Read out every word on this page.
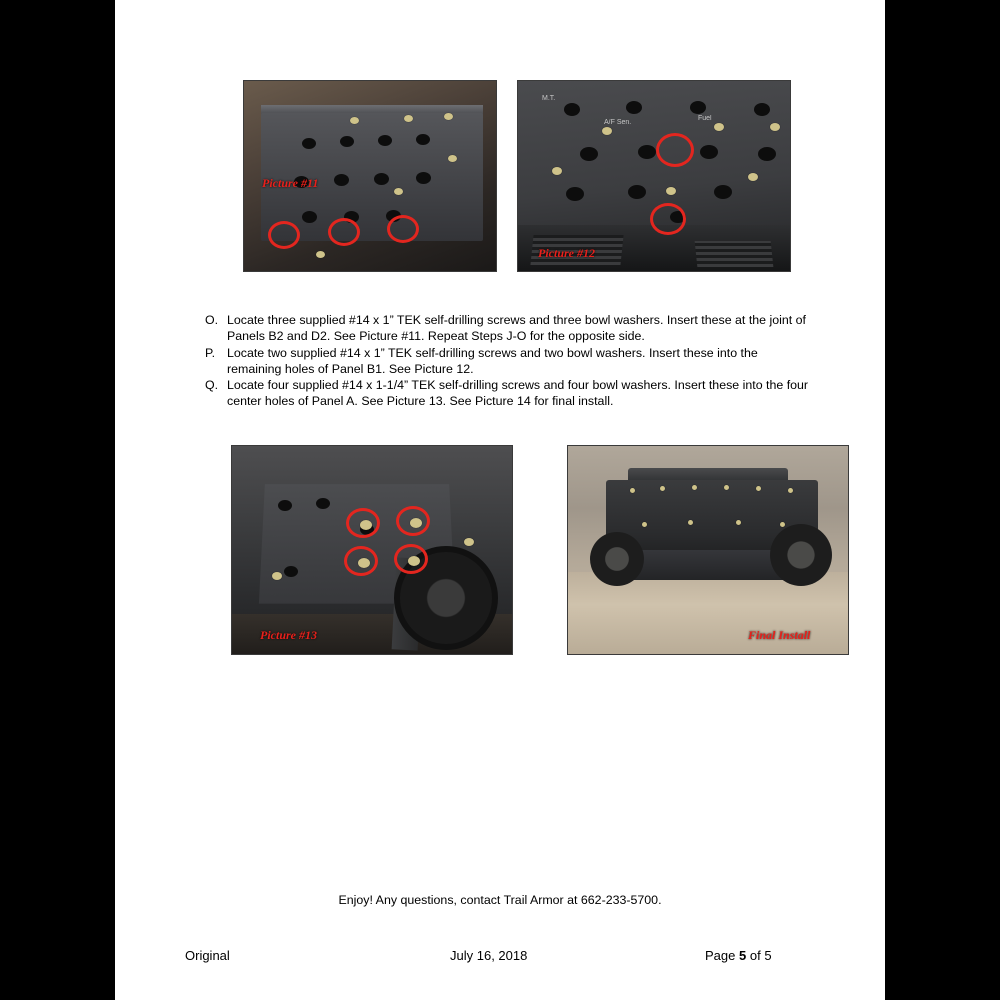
Picture #11
M.T.
A/F Sen.
Fuel
Picture #12
Picture #13	Final Install
O. Locate three supplied #14 x 1” TEK self-drilling screws and three bowl washers. Insert these at the joint of Panels B2 and D2. See Picture #11. Repeat Steps J-O for the opposite side.
P. Locate two supplied #14 x 1” TEK self-drilling screws and two bowl washers. Insert these into the remaining holes of Panel B1. See Picture 12.
Q. Locate four supplied #14 x 1-1/4” TEK self-drilling screws and four bowl washers. Insert these into the four center holes of Panel A. See Picture 13. See Picture 14 for final install.
Enjoy! Any questions, contact Trail Armor at 662-233-5700.
Original	July 16, 2018	Page 5 of 5
